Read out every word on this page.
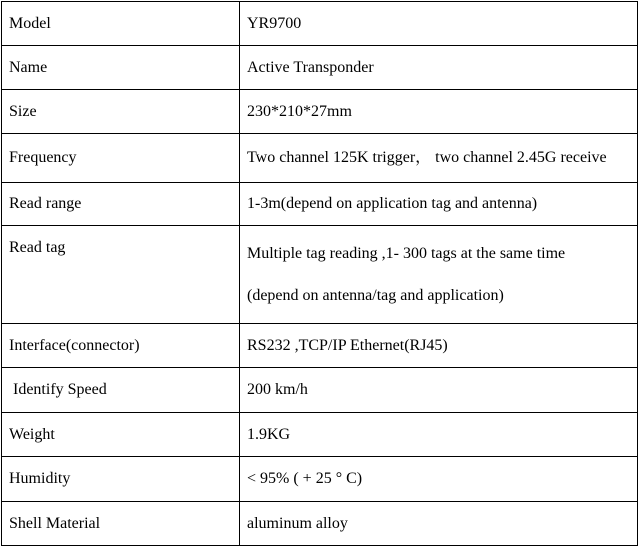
Model	YR9700
Name	Active Transponder
Size	230*210*27mm
Frequency	Two channel 125K trigger， two channel 2.45G receive
Read range	1-3m(depend on application tag and antenna)
Read tag	Multiple tag reading ,1- 300 tags at the same time
(depend on antenna/tag and application)

Interface(connector)	RS232 ,TCP/IP Ethernet(RJ45)
Identify Speed	200 km/h
Weight	1.9KG
Humidity	< 95% ( + 25 ° C)
Shell Material	aluminum alloy
